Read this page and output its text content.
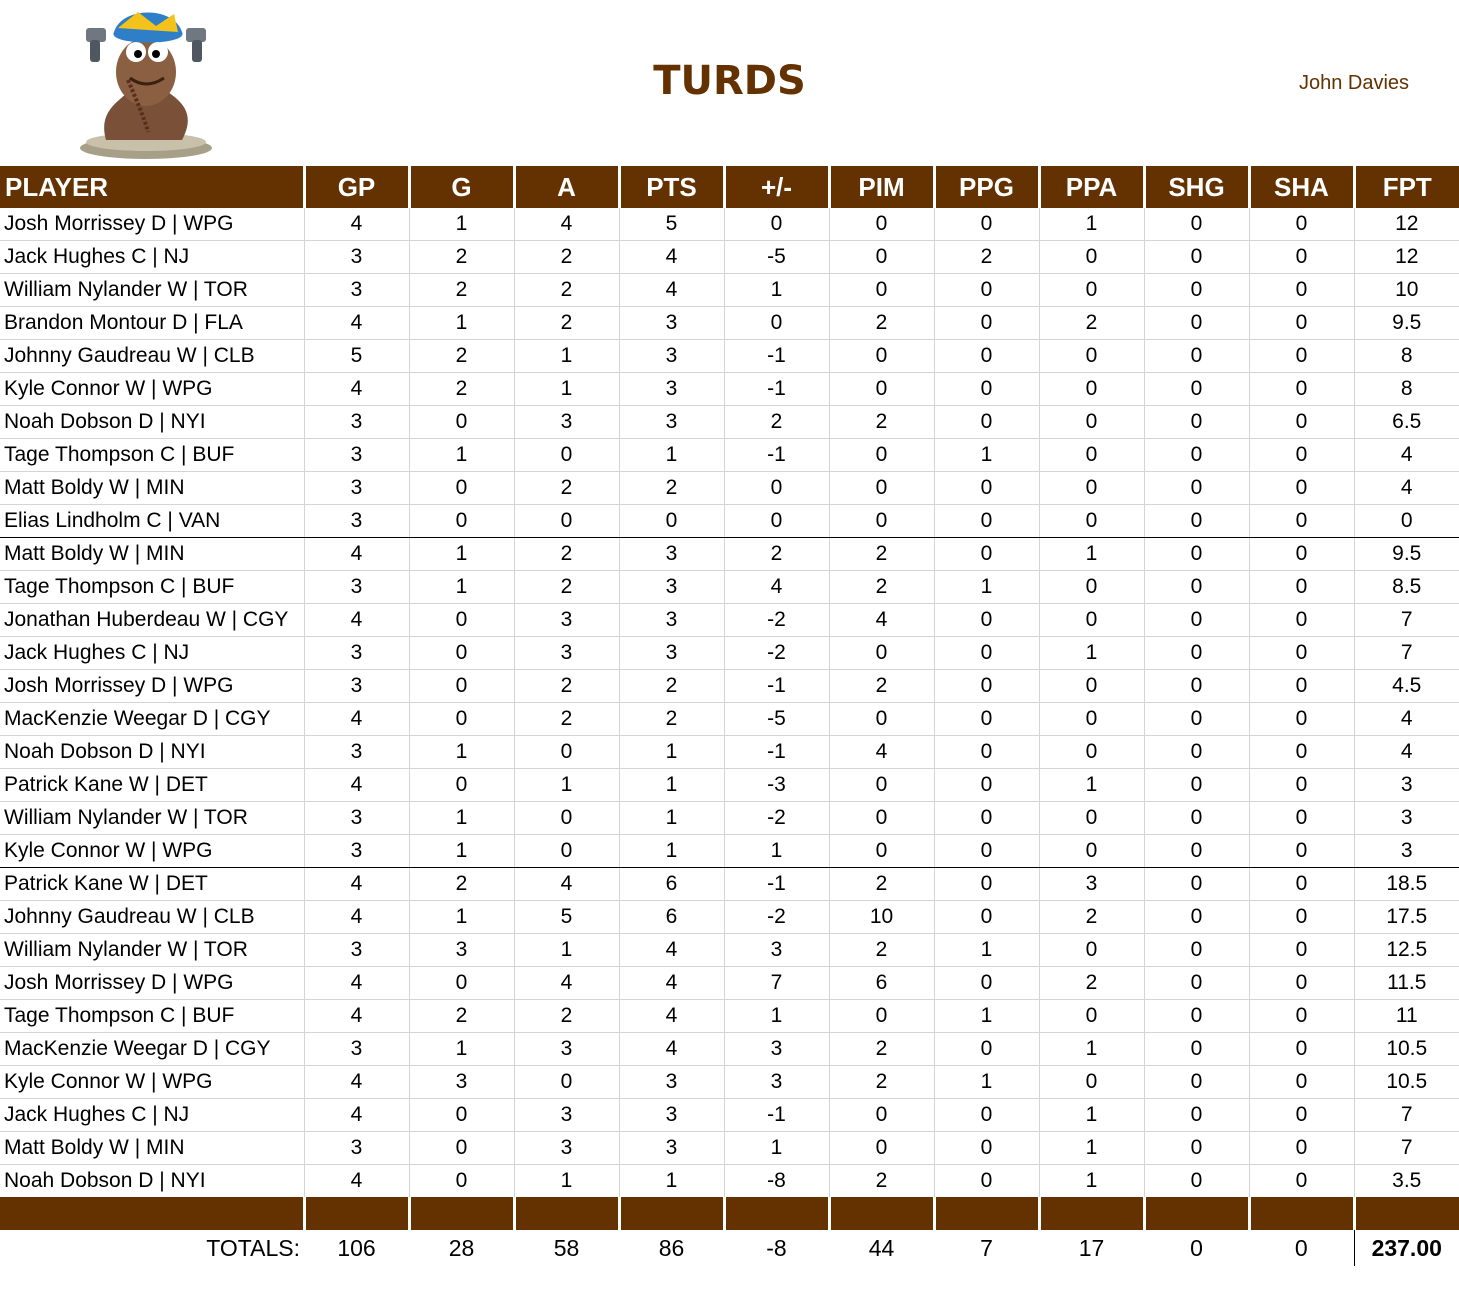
TURDS	John Davies
PLAYER	GP	G	A	PTS	+/-	PIM	PPG	PPA	SHG	SHA	FPT
Josh Morrissey D | WPG	4	1	4	5	0	0	0	1	0	0	12
Jack Hughes C | NJ	3	2	2	4	-5	0	2	0	0	0	12
William Nylander W | TOR	3	2	2	4	1	0	0	0	0	0	10
Brandon Montour D | FLA	4	1	2	3	0	2	0	2	0	0	9.5
Johnny Gaudreau W | CLB	5	2	1	3	-1	0	0	0	0	0	8
Kyle Connor W | WPG	4	2	1	3	-1	0	0	0	0	0	8
Noah Dobson D | NYI	3	0	3	3	2	2	0	0	0	0	6.5
Tage Thompson C | BUF	3	1	0	1	-1	0	1	0	0	0	4
Matt Boldy W | MIN	3	0	2	2	0	0	0	0	0	0	4
Elias Lindholm C | VAN	3	0	0	0	0	0	0	0	0	0	0
Matt Boldy W | MIN	4	1	2	3	2	2	0	1	0	0	9.5
Tage Thompson C | BUF	3	1	2	3	4	2	1	0	0	0	8.5
Jonathan Huberdeau W | CGY	4	0	3	3	-2	4	0	0	0	0	7
Jack Hughes C | NJ	3	0	3	3	-2	0	0	1	0	0	7
Josh Morrissey D | WPG	3	0	2	2	-1	2	0	0	0	0	4.5
MacKenzie Weegar D | CGY	4	0	2	2	-5	0	0	0	0	0	4
Noah Dobson D | NYI	3	1	0	1	-1	4	0	0	0	0	4
Patrick Kane W | DET	4	0	1	1	-3	0	0	1	0	0	3
William Nylander W | TOR	3	1	0	1	-2	0	0	0	0	0	3
Kyle Connor W | WPG	3	1	0	1	1	0	0	0	0	0	3
Patrick Kane W | DET	4	2	4	6	-1	2	0	3	0	0	18.5
Johnny Gaudreau W | CLB	4	1	5	6	-2	10	0	2	0	0	17.5
William Nylander W | TOR	3	3	1	4	3	2	1	0	0	0	12.5
Josh Morrissey D | WPG	4	0	4	4	7	6	0	2	0	0	11.5
Tage Thompson C | BUF	4	2	2	4	1	0	1	0	0	0	11
MacKenzie Weegar D | CGY	3	1	3	4	3	2	0	1	0	0	10.5
Kyle Connor W | WPG	4	3	0	3	3	2	1	0	0	0	10.5
Jack Hughes C | NJ	4	0	3	3	-1	0	0	1	0	0	7
Matt Boldy W | MIN	3	0	3	3	1	0	0	1	0	0	7
Noah Dobson D | NYI	4	0	1	1	-8	2	0	1	0	0	3.5

TOTALS:	106	28	58	86	-8	44	7	17	0	0	237.00
